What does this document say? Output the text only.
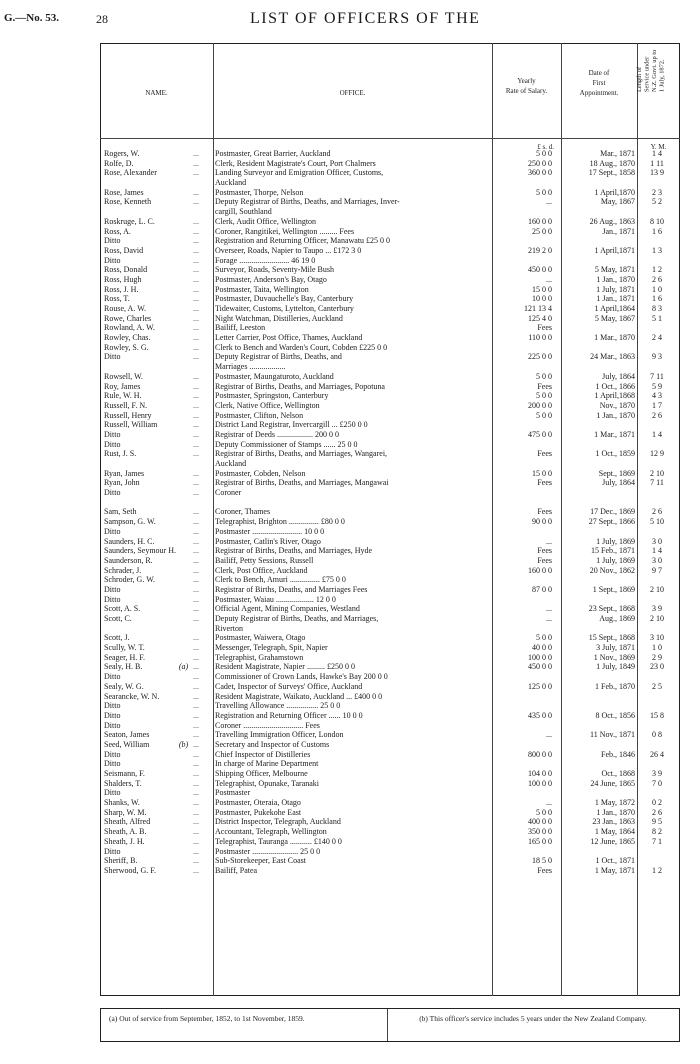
G.—No. 53.	28	LIST OF OFFICERS OF THE
NAME.	OFFICE.
Yearly
Rate of Salary.
Date of
First
Appointment.
Length of Service under N.Z. Govt. up to 1 July, 1872.
£ s. d.	Y. M.
Rogers, W.	Postmaster, Great Barrier, Auckland	5 0 0	Mar., 1871	1 4
...
Rolfe, D.	Clerk, Resident Magistrate's Court, Port Chalmers	250 0 0	18 Aug., 1870	1 11
...
Rose, Alexander	Landing Surveyor and Emigration Officer, Customs,	360 0 0	17 Sept., 1858	13 9
...
Auckland
Rose, James	Postmaster, Thorpe, Nelson	5 0 0	1 April,1870	2 3
...
Rose, Kenneth	Deputy Registrar of Births, Deaths, and Marriages, Inver-	...	May, 1867	5 2
...
cargill, Southland
Roskruge, L. C.	Clerk, Audit Office, Wellington	160 0 0	26 Aug., 1863	8 10
...
Ross, A.	Coroner, Rangitikei, Wellington ......... Fees	25 0 0	Jan., 1871	1 6
...
Ditto	Registration and Returning Officer, Manawatu £25 0 0
...
Ross, David	Overseer, Roads, Napier to Taupo ... £172 3 0	219 2 0	1 April,1871	1 3
...
Ditto	Forage ......................... 46 19 0
...
Ross, Donald	Surveyor, Roads, Seventy-Mile Bush	450 0 0	5 May, 1871	1 2
...
Ross, Hugh	Postmaster, Anderson's Bay, Otago	...	1 Jan., 1870	2 6
...
Ross, J. H.	Postmaster, Taita, Wellington	15 0 0	1 July, 1871	1 0
...
Ross, T.	Postmaster, Duvauchelle's Bay, Canterbury	10 0 0	1 Jan., 1871	1 6
...
Rouse, A. W.	Tidewaiter, Customs, Lyttelton, Canterbury	121 13 4	1 April,1864	8 3
...
Rowe, Charles	Night Watchman, Distilleries, Auckland	125 4 0	5 May, 1867	5 1
...
Rowland, A. W.	Bailiff, Leeston	Fees
...
Rowley, Chas.	Letter Carrier, Post Office, Thames, Auckland	110 0 0	1 Mar., 1870	2 4
...
Rowley, S. G.	Clerk to Bench and Warden's Court, Cobden £225 0 0
...
Ditto	Deputy Registrar of Births, Deaths, and	225 0 0	24 Mar., 1863	9 3
...
Marriages ..................
Rowsell, W.	Postmaster, Maungaturoto, Auckland	5 0 0	July, 1864	7 11
...
Roy, James	Registrar of Births, Deaths, and Marriages, Popotuna	Fees	1 Oct., 1866	5 9
...
Rule, W. H.	Postmaster, Springston, Canterbury	5 0 0	1 April,1868	4 3
...
Russell, F. N.	Clerk, Native Office, Wellington	200 0 0	Nov., 1870	1 7
...
Russell, Henry	Postmaster, Clifton, Nelson	5 0 0	1 Jan., 1870	2 6
...
Russell, William	District Land Registrar, Invercargill ... £250 0 0
...
Ditto	Registrar of Deeds .................. 200 0 0	475 0 0	1 Mar., 1871	1 4
...
Ditto	Deputy Commissioner of Stamps ...... 25 0 0
...
Rust, J. S.	Registrar of Births, Deaths, and Marriages, Wangarei,	Fees	1 Oct., 1859	12 9
...
Auckland
Ryan, James	Postmaster, Cobden, Nelson	15 0 0	Sept., 1869	2 10
...
Ryan, John	Registrar of Births, Deaths, and Marriages, Mangawai	Fees	July, 1864	7 11
...
Ditto	Coroner
...
Sam, Seth	Coroner, Thames	Fees	17 Dec., 1869	2 6
...
Sampson, G. W.	Telegraphist, Brighton ............... £80 0 0	90 0 0	27 Sept., 1866	5 10
...
Ditto	Postmaster ......................... 10 0 0
...
Saunders, H. C.	Postmaster, Catlin's River, Otago	...	1 July, 1869	3 0
...
Saunders, Seymour H.	Registrar of Births, Deaths, and Marriages, Hyde	Fees	15 Feb., 1871	1 4
...
Saunderson, R.	Bailiff, Petty Sessions, Russell	Fees	1 July, 1869	3 0
...
Schrader, J.	Clerk, Post Office, Auckland	160 0 0	20 Nov., 1862	9 7
...
Schroder, G. W.	Clerk to Bench, Amuri ............... £75 0 0
...
Ditto	Registrar of Births, Deaths, and Marriages Fees	87 0 0	1 Sept., 1869	2 10
...
Ditto	Postmaster, Waiau ................... 12 0 0
...
Scott, A. S.	Official Agent, Mining Companies, Westland	...	23 Sept., 1868	3 9
...
Scott, C.	Deputy Registrar of Births, Deaths, and Marriages,	...	Aug., 1869	2 10
...
Riverton
Scott, J.	Postmaster, Waiwera, Otago	5 0 0	15 Sept., 1868	3 10
...
Scully, W. T.	Messenger, Telegraph, Spit, Napier	40 0 0	3 July, 1871	1 0
...
Seager, H. F.	Telegraphist, Grahamstown	100 0 0	1 Nov., 1869	2 9
...
Sealy, H. B.	(a)	Resident Magistrate, Napier ......... £250 0 0	450 0 0	1 July, 1849	23 0
...
Ditto	Commissioner of Crown Lands, Hawke's Bay 200 0 0
...
Sealy, W. G.	Cadet, Inspector of Surveys' Office, Auckland	125 0 0	1 Feb., 1870	2 5
...
Searancke, W. N.	Resident Magistrate, Waikato, Auckland ... £400 0 0
...
Ditto	Travelling Allowance ................ 25 0 0
...
Ditto	Registration and Returning Officer ...... 10 0 0	435 0 0	8 Oct., 1856	15 8
...
Ditto	Coroner .............................. Fees
...
Seaton, James	Travelling Immigration Officer, London	...	11 Nov., 1871	0 8
...
Seed, William	(b)	Secretary and Inspector of Customs
...
Ditto	Chief Inspector of Distilleries	800 0 0	Feb., 1846	26 4
...
Ditto	In charge of Marine Department
...
Seismann, F.	Shipping Officer, Melbourne	104 0 0	Oct., 1868	3 9
...
Shalders, T.	Telegraphist, Opunake, Taranaki	100 0 0	24 June, 1865	7 0
...
Ditto	Postmaster
...
Shanks, W.	Postmaster, Oteraia, Otago	...	1 May, 1872	0 2
...
Sharp, W. M.	Postmaster, Pukekohe East	5 0 0	1 Jan., 1870	2 6
...
Sheath, Alfred	District Inspector, Telegraph, Auckland	400 0 0	23 Jan., 1863	9 5
...
Sheath, A. B.	Accountant, Telegraph, Wellington	350 0 0	1 May, 1864	8 2
...
Sheath, J. H.	Telegraphist, Tauranga ........... £140 0 0	165 0 0	12 June, 1865	7 1
...
Ditto	Postmaster ....................... 25 0 0
...
Sheriff, B.	Sub-Storekeeper, East Coast	18 5 0	1 Oct., 1871
...
Sherwood, G. F.	Bailiff, Patea	Fees	1 May, 1871	1 2
...
(a) Out of service from September, 1852, to 1st November, 1859.	(b) This officer's service includes 5 years under the New Zealand Company.
